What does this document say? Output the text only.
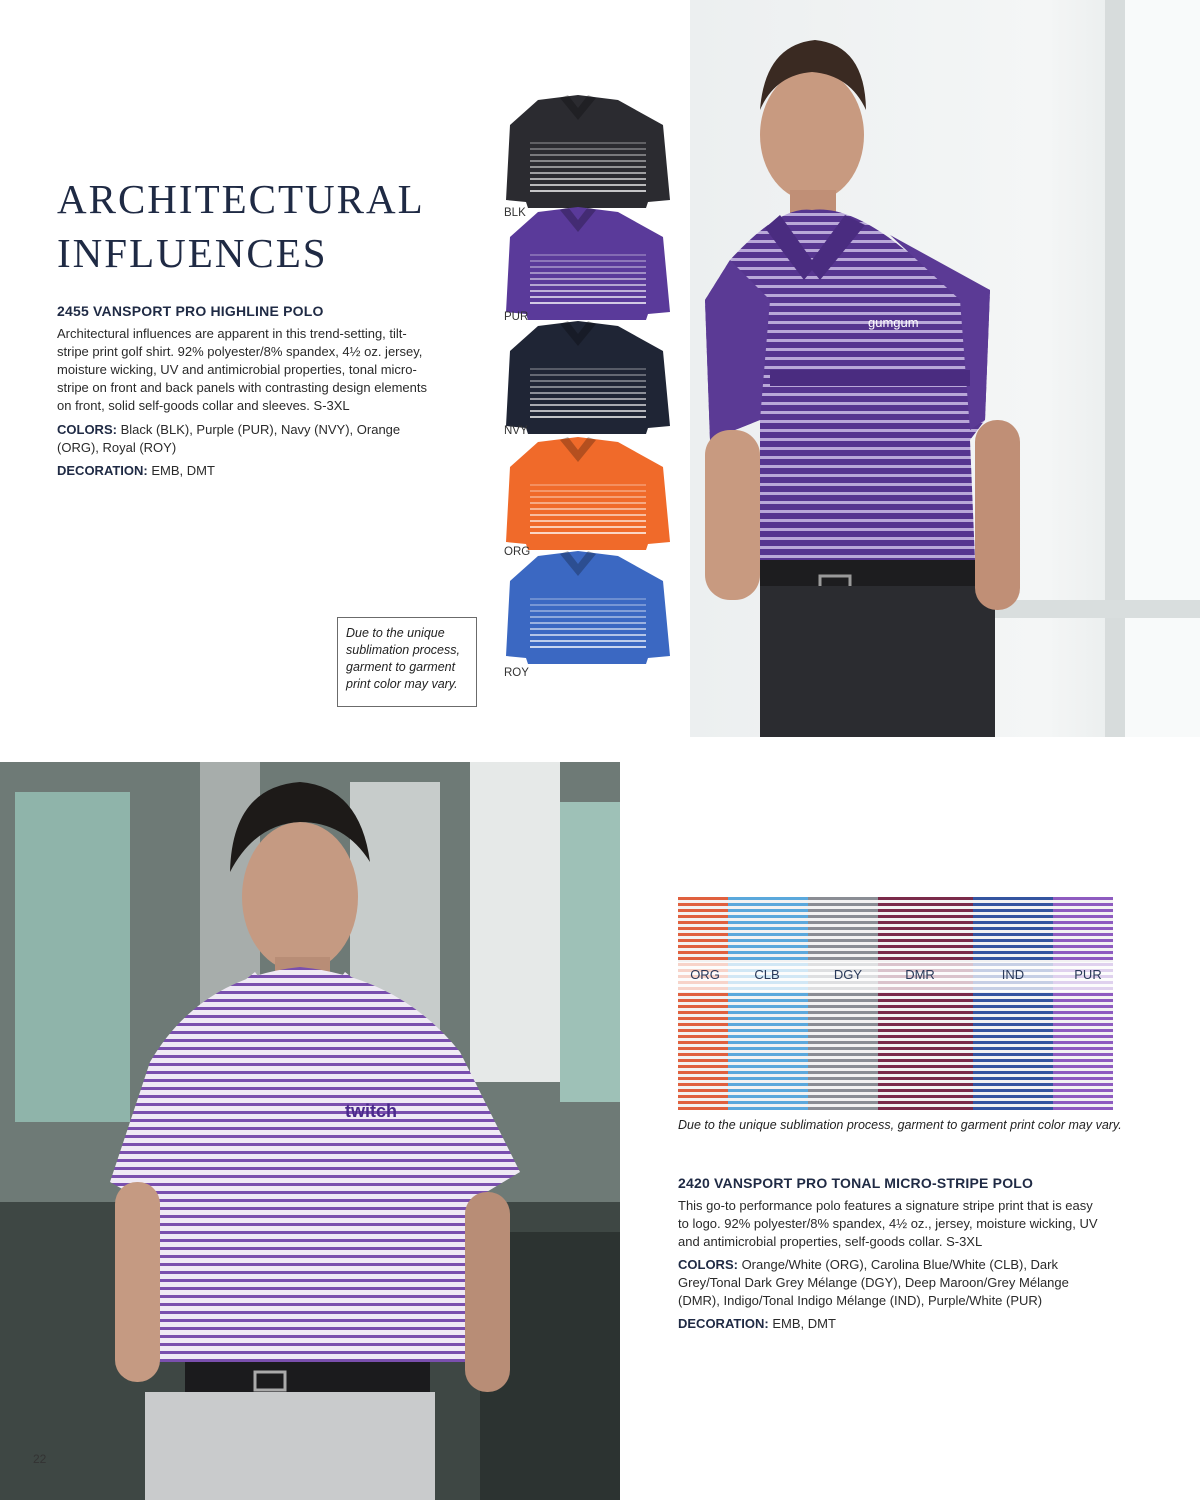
ARCHITECTURAL
INFLUENCES

2455 VANSPORT PRO HIGHLINE POLO

Architectural influences are apparent in this trend-setting, tilt-stripe print golf shirt. 92% polyester/8% spandex, 4½ oz. jersey, moisture wicking, UV and antimicrobial properties, tonal micro-stripe on front and back panels with contrasting design elements on front, solid self-goods collar and sleeves. S-3XL

COLORS: Black (BLK), Purple (PUR), Navy (NVY), Orange (ORG), Royal (ROY)

DECORATION: EMB, DMT

BLK
PUR
NVY
ORG
ROY
Due to the unique sublimation process, garment to garment print color may vary.
gumgum
twitch
ORG	CLB	DGY	DMR	IND	PUR
Due to the unique sublimation process, garment to garment print color may vary.

2420 VANSPORT PRO TONAL MICRO-STRIPE POLO

This go-to performance polo features a signature stripe print that is easy to logo. 92% polyester/8% spandex, 4½ oz., jersey, moisture wicking, UV and antimicrobial properties, self-goods collar. S-3XL

COLORS: Orange/White (ORG), Carolina Blue/White (CLB), Dark Grey/Tonal Dark Grey Mélange (DGY), Deep Maroon/Grey Mélange (DMR), Indigo/Tonal Indigo Mélange (IND), Purple/White (PUR)

DECORATION: EMB, DMT

22
